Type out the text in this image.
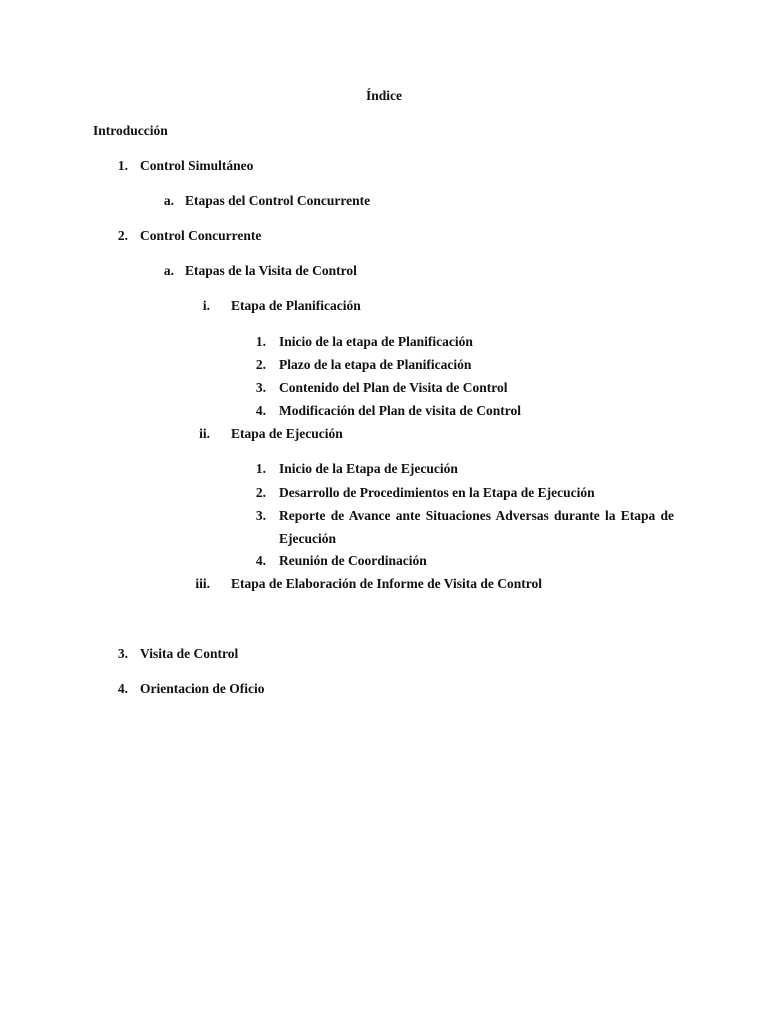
Índice
Introducción
1. Control Simultáneo
a. Etapas del Control Concurrente
2. Control Concurrente
a. Etapas de la Visita de Control
i. Etapa de Planificación
1. Inicio de la etapa de Planificación
2. Plazo de la etapa de Planificación
3. Contenido del Plan de Visita de Control
4. Modificación del Plan de visita de Control
ii. Etapa de Ejecución
1. Inicio de la Etapa de Ejecución
2. Desarrollo de Procedimientos en la Etapa de Ejecución
3. Reporte de Avance ante Situaciones Adversas durante la Etapa de Ejecución
4. Reunión de Coordinación
iii. Etapa de Elaboración de Informe de Visita de Control
3. Visita de Control
4. Orientacion de Oficio
